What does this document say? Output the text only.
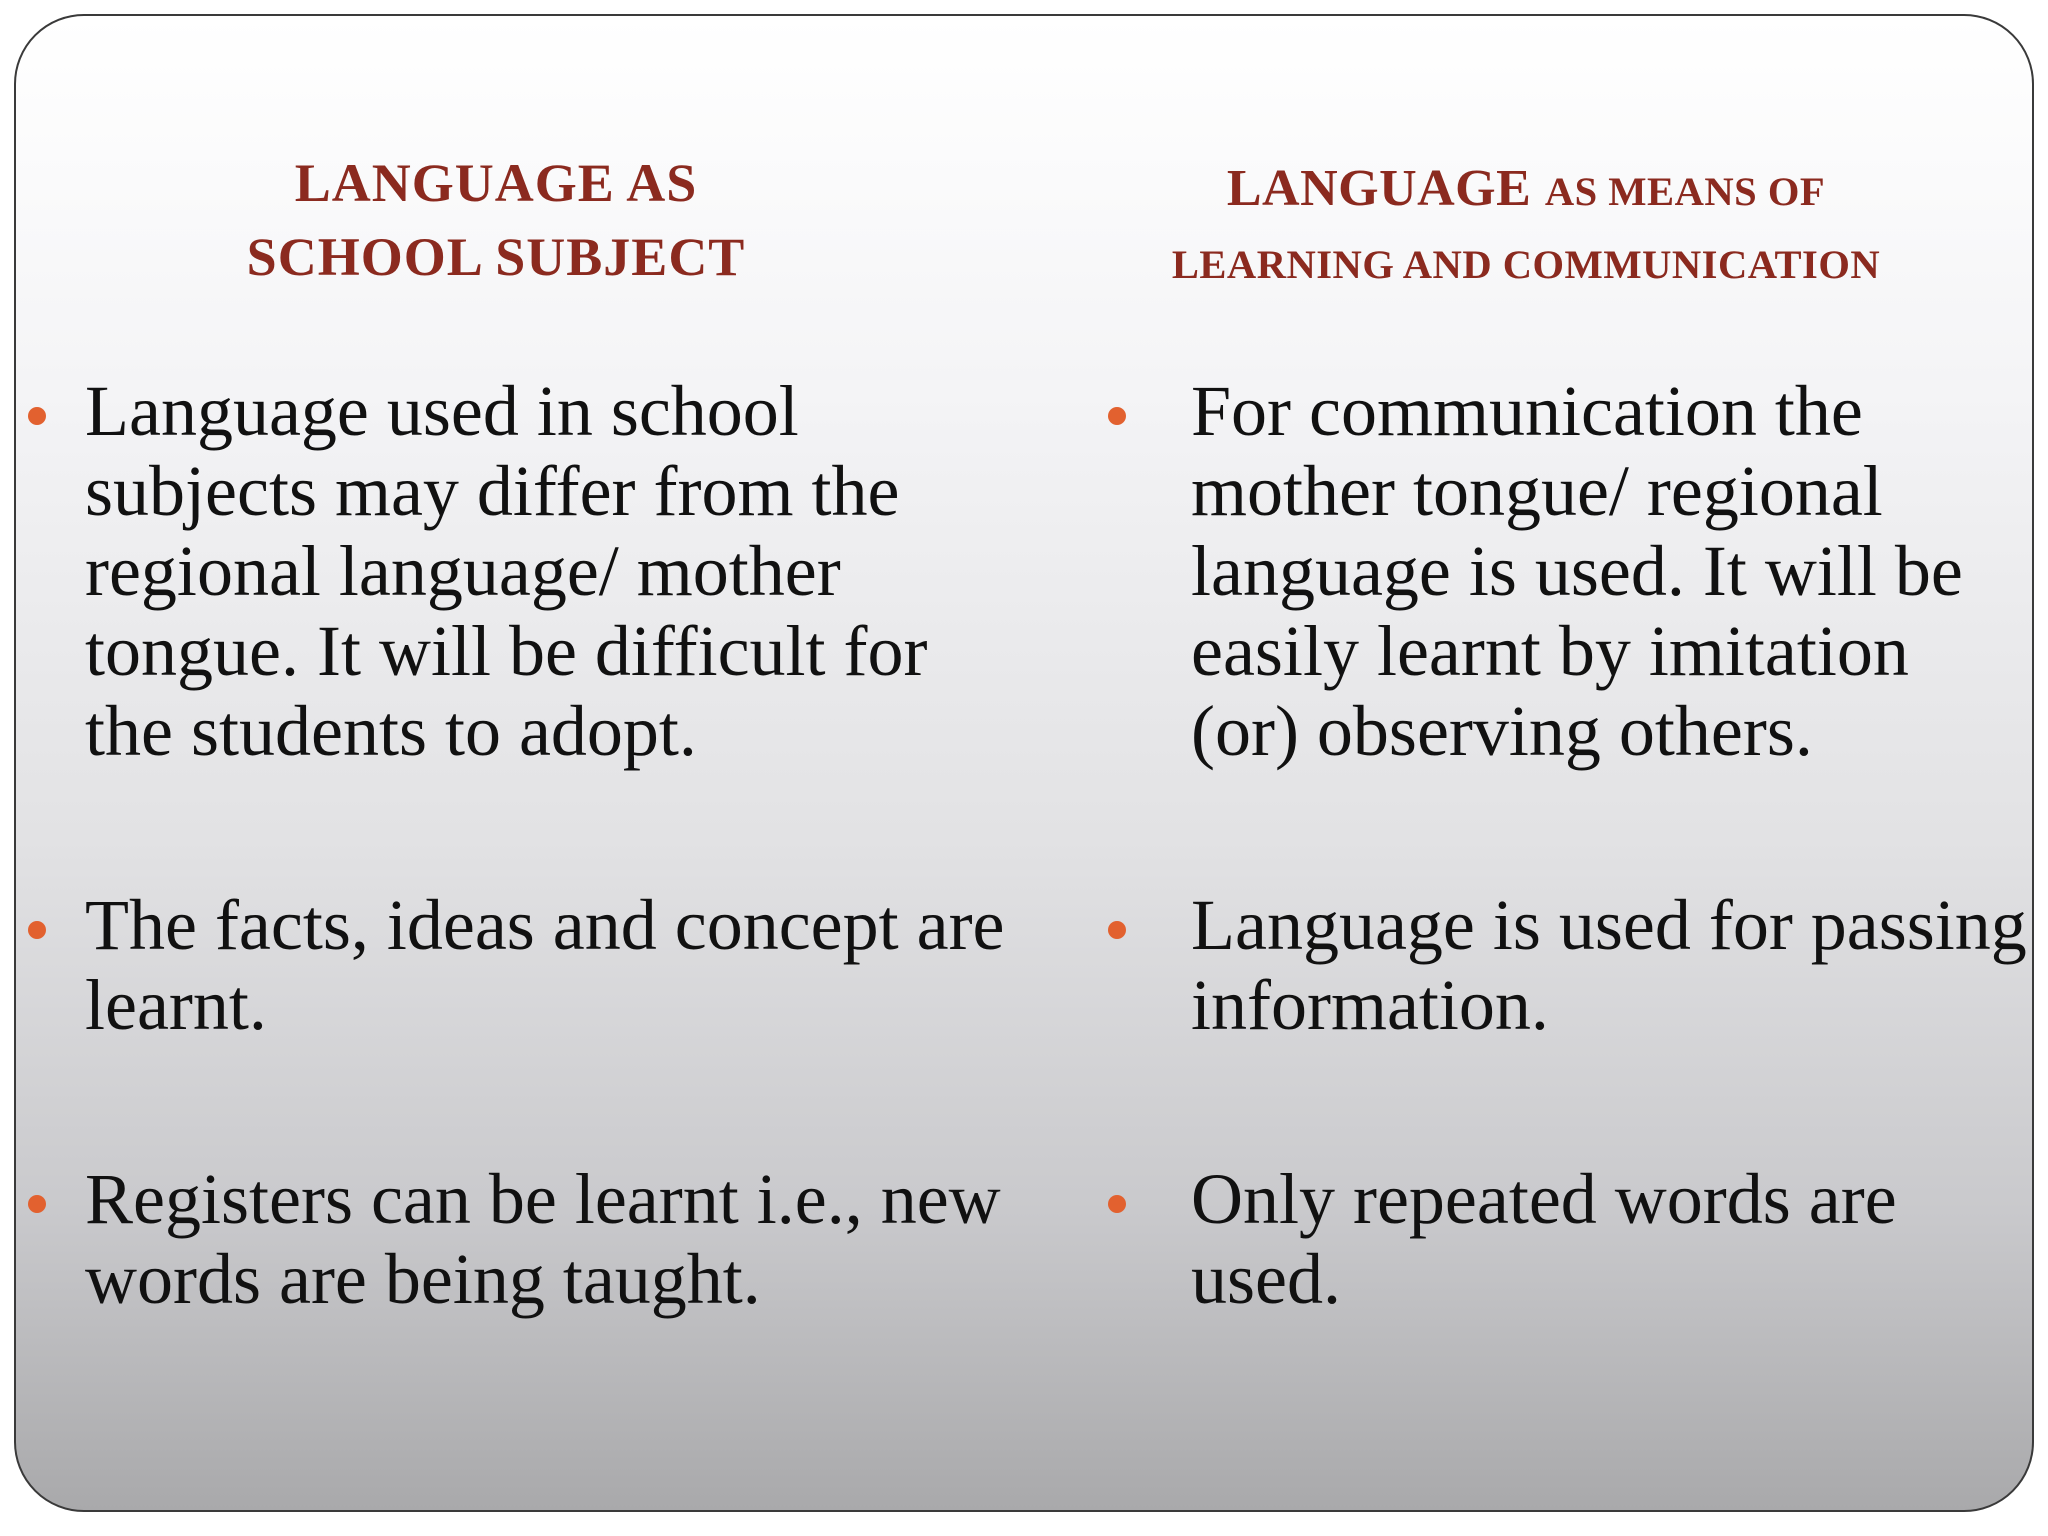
LANGUAGE AS
SCHOOL SUBJECT
LANGUAGE AS MEANS OF
LEARNING AND COMMUNICATION
Language used in school subjects may differ from the regional language/ mother tongue. It will be difficult for the students to adopt.
The facts, ideas and concept are learnt.
Registers can be learnt i.e., new words are being taught.
For communication the mother tongue/ regional language is used. It will be easily learnt by imitation (or) observing others.
Language is used for passing information.
Only repeated words are used.
